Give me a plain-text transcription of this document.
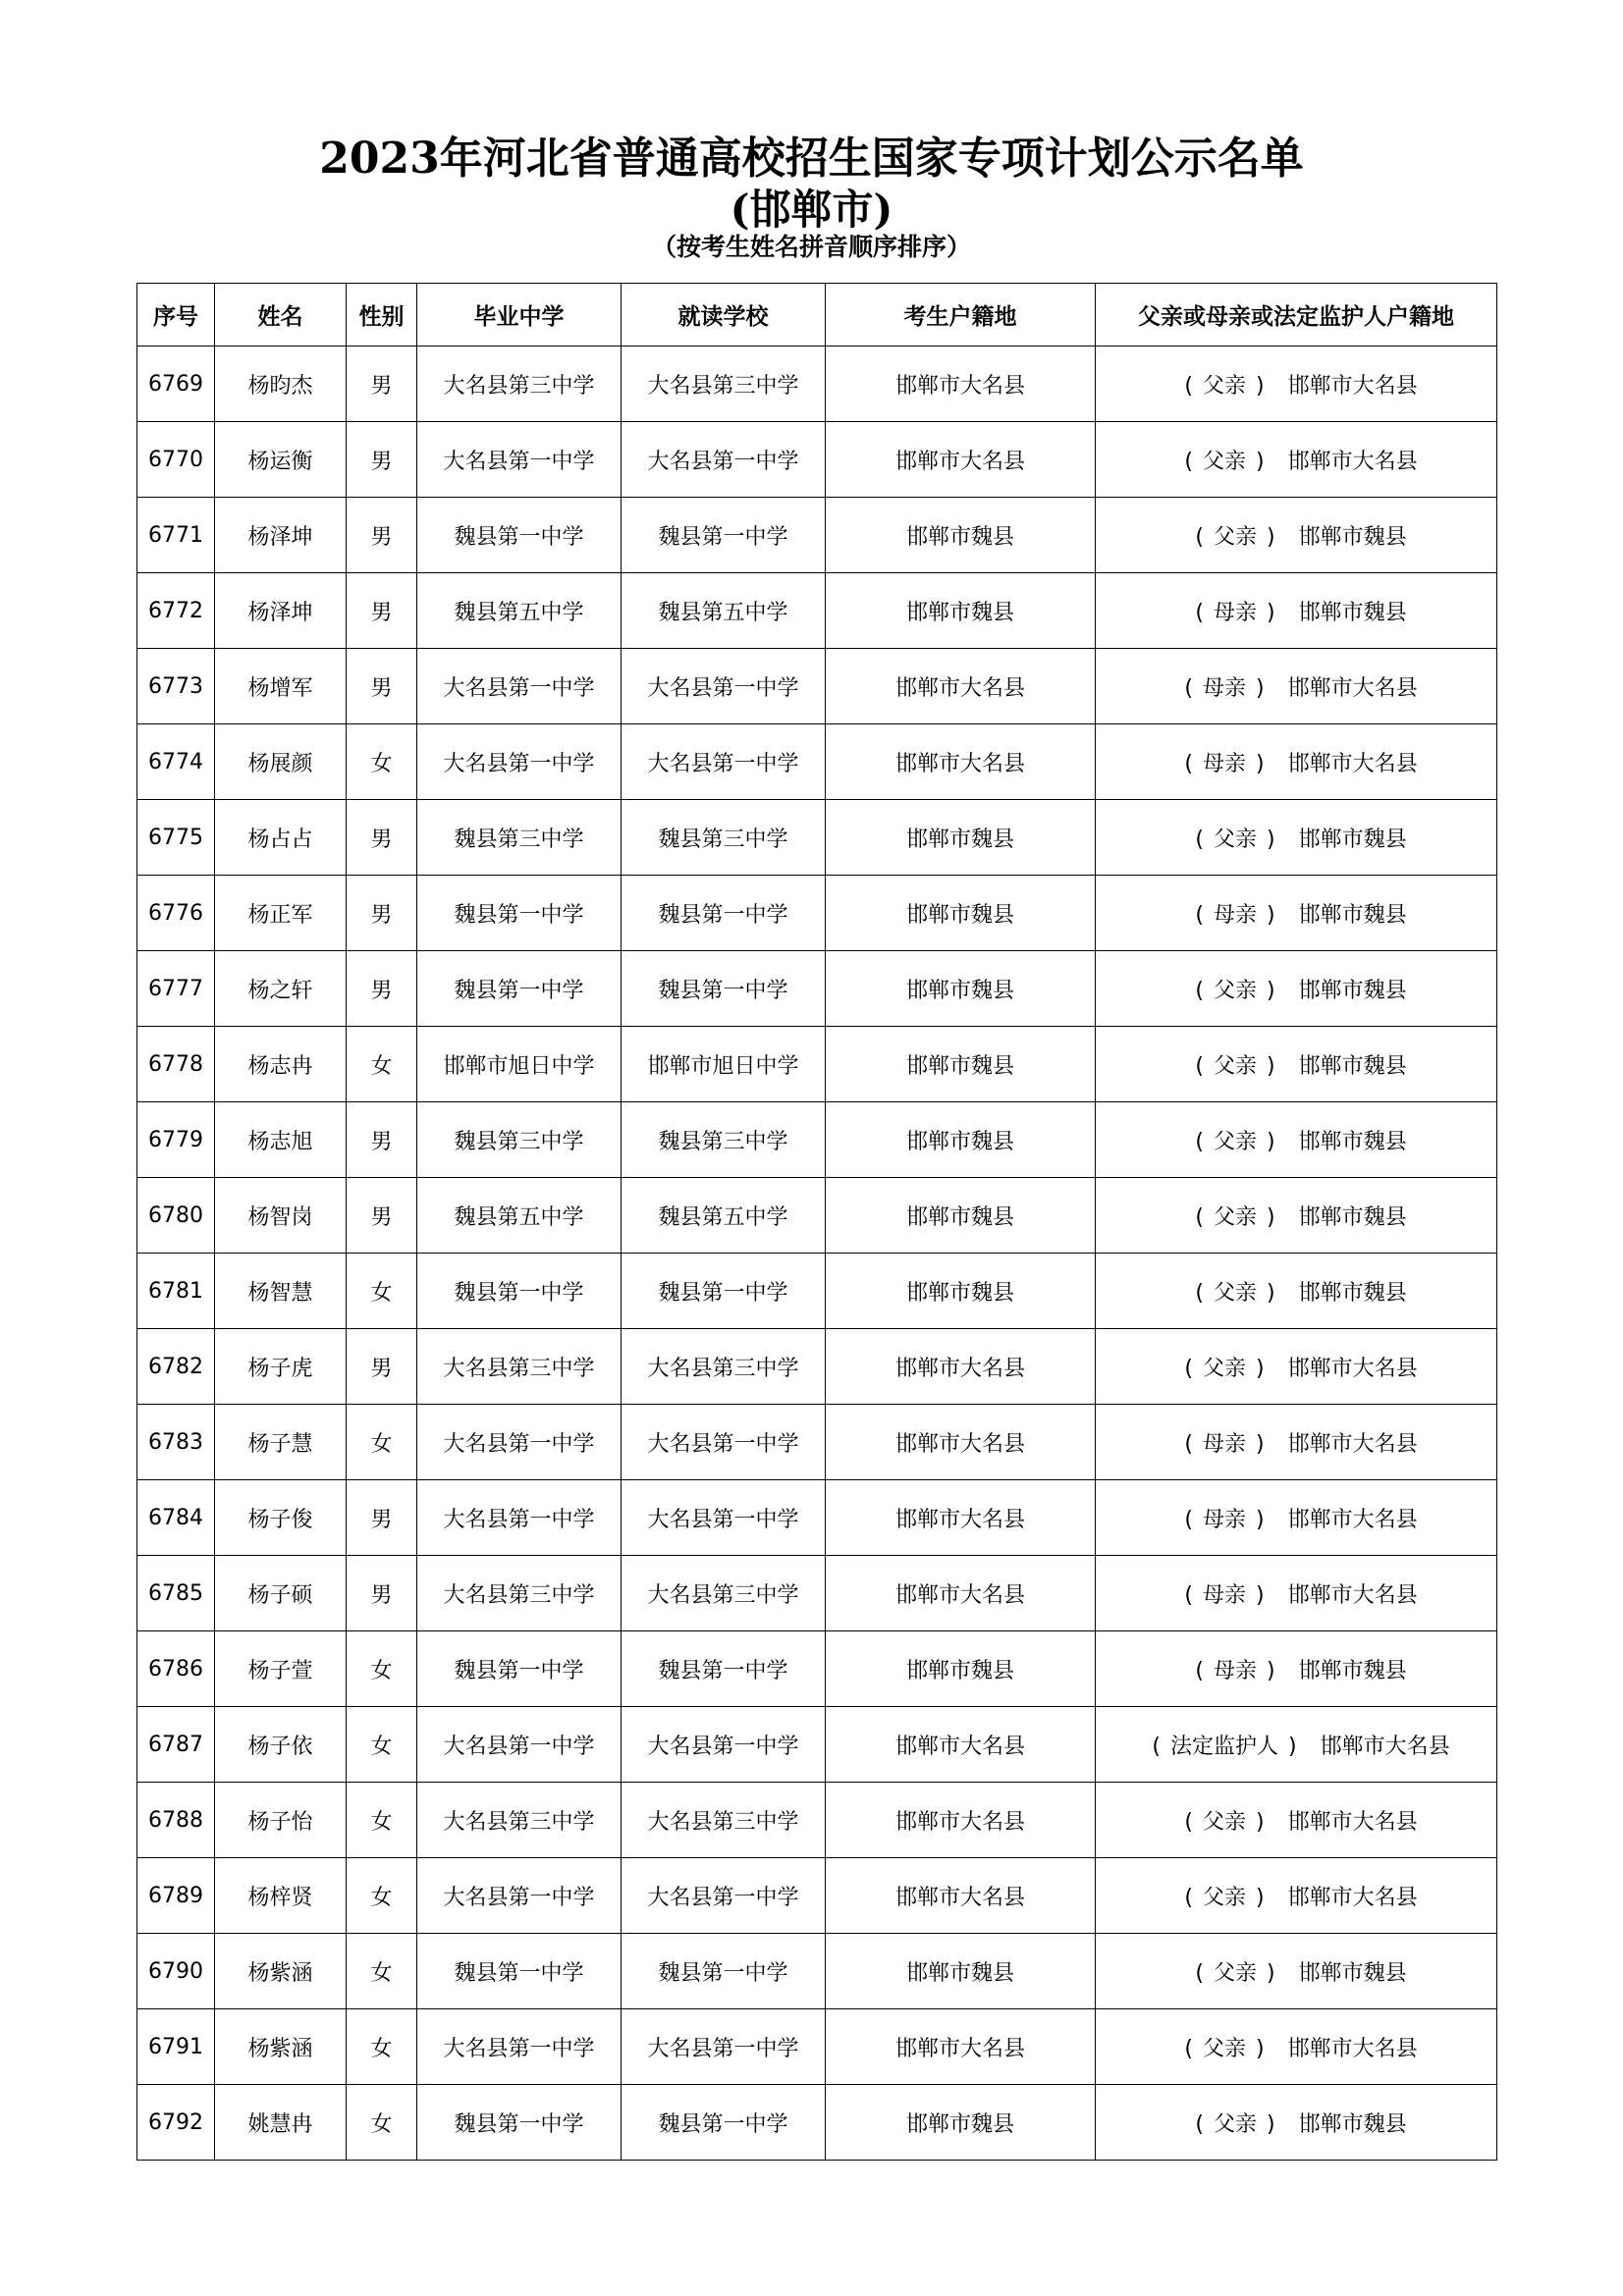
2023年河北省普通高校招生国家专项计划公示名单
(邯郸市)
（按考生姓名拼音顺序排序）
序号	姓名	性别	毕业中学	就读学校	考生户籍地	父亲或母亲或法定监护人户籍地
6769	杨昀杰	男	大名县第三中学	大名县第三中学	邯郸市大名县	( 父亲 ) 邯郸市大名县
6770	杨运衡	男	大名县第一中学	大名县第一中学	邯郸市大名县	( 父亲 ) 邯郸市大名县
6771	杨泽坤	男	魏县第一中学	魏县第一中学	邯郸市魏县	( 父亲 ) 邯郸市魏县
6772	杨泽坤	男	魏县第五中学	魏县第五中学	邯郸市魏县	( 母亲 ) 邯郸市魏县
6773	杨增军	男	大名县第一中学	大名县第一中学	邯郸市大名县	( 母亲 ) 邯郸市大名县
6774	杨展颜	女	大名县第一中学	大名县第一中学	邯郸市大名县	( 母亲 ) 邯郸市大名县
6775	杨占占	男	魏县第三中学	魏县第三中学	邯郸市魏县	( 父亲 ) 邯郸市魏县
6776	杨正军	男	魏县第一中学	魏县第一中学	邯郸市魏县	( 母亲 ) 邯郸市魏县
6777	杨之轩	男	魏县第一中学	魏县第一中学	邯郸市魏县	( 父亲 ) 邯郸市魏县
6778	杨志冉	女	邯郸市旭日中学	邯郸市旭日中学	邯郸市魏县	( 父亲 ) 邯郸市魏县
6779	杨志旭	男	魏县第三中学	魏县第三中学	邯郸市魏县	( 父亲 ) 邯郸市魏县
6780	杨智岗	男	魏县第五中学	魏县第五中学	邯郸市魏县	( 父亲 ) 邯郸市魏县
6781	杨智慧	女	魏县第一中学	魏县第一中学	邯郸市魏县	( 父亲 ) 邯郸市魏县
6782	杨子虎	男	大名县第三中学	大名县第三中学	邯郸市大名县	( 父亲 ) 邯郸市大名县
6783	杨子慧	女	大名县第一中学	大名县第一中学	邯郸市大名县	( 母亲 ) 邯郸市大名县
6784	杨子俊	男	大名县第一中学	大名县第一中学	邯郸市大名县	( 母亲 ) 邯郸市大名县
6785	杨子硕	男	大名县第三中学	大名县第三中学	邯郸市大名县	( 母亲 ) 邯郸市大名县
6786	杨子萱	女	魏县第一中学	魏县第一中学	邯郸市魏县	( 母亲 ) 邯郸市魏县
6787	杨子依	女	大名县第一中学	大名县第一中学	邯郸市大名县	( 法定监护人 ) 邯郸市大名县
6788	杨子怡	女	大名县第三中学	大名县第三中学	邯郸市大名县	( 父亲 ) 邯郸市大名县
6789	杨梓贤	女	大名县第一中学	大名县第一中学	邯郸市大名县	( 父亲 ) 邯郸市大名县
6790	杨紫涵	女	魏县第一中学	魏县第一中学	邯郸市魏县	( 父亲 ) 邯郸市魏县
6791	杨紫涵	女	大名县第一中学	大名县第一中学	邯郸市大名县	( 父亲 ) 邯郸市大名县
6792	姚慧冉	女	魏县第一中学	魏县第一中学	邯郸市魏县	( 父亲 ) 邯郸市魏县
